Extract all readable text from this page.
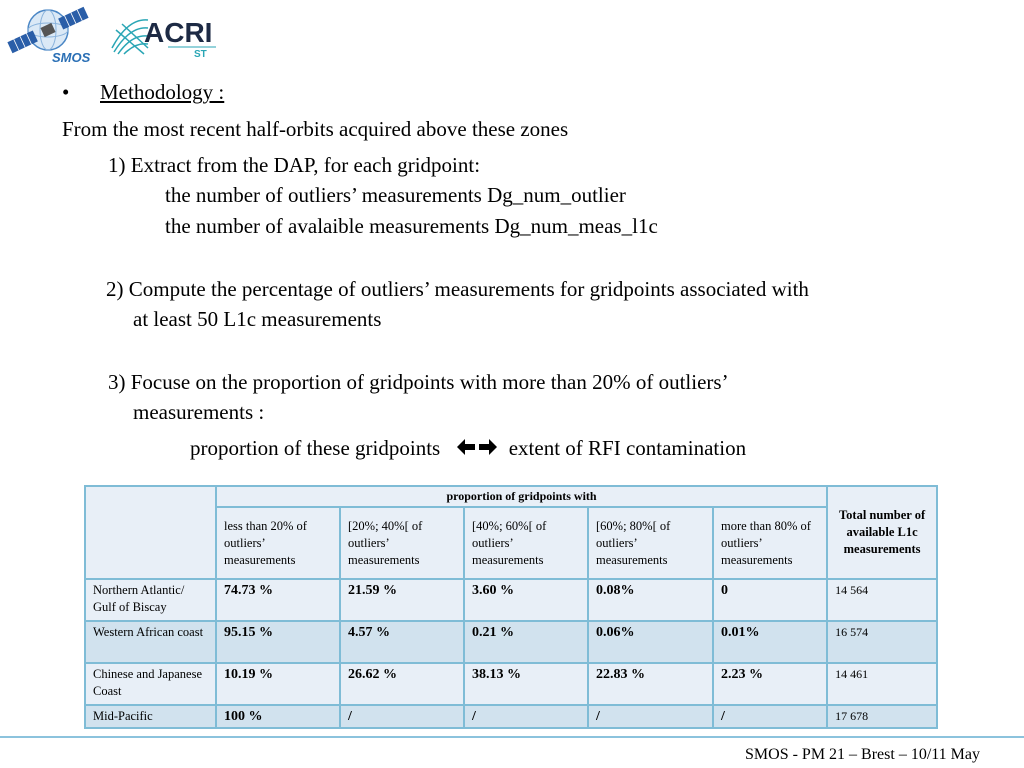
SMOS
ACRI
ST
• Methodology :
From the most recent half-orbits acquired above these zones
1) Extract from the DAP, for each gridpoint:
the number of outliers’ measurements Dg_num_outlier
the number of avalaible measurements Dg_num_meas_l1c
2) Compute the percentage of outliers’ measurements for gridpoints associated with
at least 50 L1c measurements
3) Focuse on the proportion of gridpoints with more than 20% of outliers’
measurements :
proportion of these gridpoints	extent of RFI contamination
	proportion of gridpoints with					Total number of available L1c measurements
	less than 20% of outliers’ measurements	[20%; 40%[ of outliers’ measurements	[40%; 60%[ of outliers’ measurements	[60%; 80%[ of outliers’ measurements	more than 80% of outliers’ measurements	
Northern Atlantic/ Gulf of Biscay	74.73 %	21.59 %	3.60 %	0.08%	0	14 564
Western African coast	95.15 %	4.57 %	0.21 %	0.06%	0.01%	16 574
Chinese and Japanese Coast	10.19 %	26.62 %	38.13 %	22.83 %	2.23 %	14 461
Mid-Pacific	100 %	/	/	/	/	17 678
SMOS - PM 21 – Brest – 10/11 May
